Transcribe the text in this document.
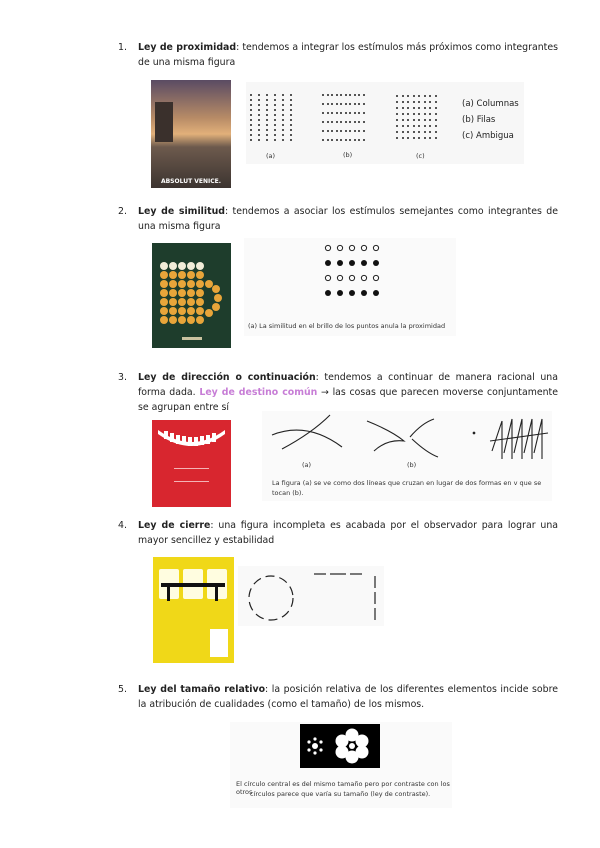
1. Ley de proximidad: tendemos a integrar los estímulos más próximos como integrantes de una misma figura
ABSOLUT VENICE.
(a)	(b)	(c)
(a) Columnas
(b) Filas
(c) Ambigua
2. Ley de similitud: tendemos a asociar los estímulos semejantes como integrantes de una misma figura
(a) La similitud en el brillo de los puntos anula la proximidad
3. Ley de dirección o continuación: tendemos a continuar de manera racional una forma dada. Ley de destino común → las cosas que parecen moverse conjuntamente se agrupan entre sí
(a)	(b)
La figura (a) se ve como dos líneas que cruzan en lugar de dos formas en v que se tocan (b).
4. Ley de cierre: una figura incompleta es acabada por el observador para lograr una mayor sencillez y estabilidad
5. Ley del tamaño relativo: la posición relativa de los diferentes elementos incide sobre la atribución de cualidades (como el tamaño) de los mismos.
El círculo central es del mismo tamaño pero por contraste con los otros
círculos parece que varía su tamaño (ley de contraste).
